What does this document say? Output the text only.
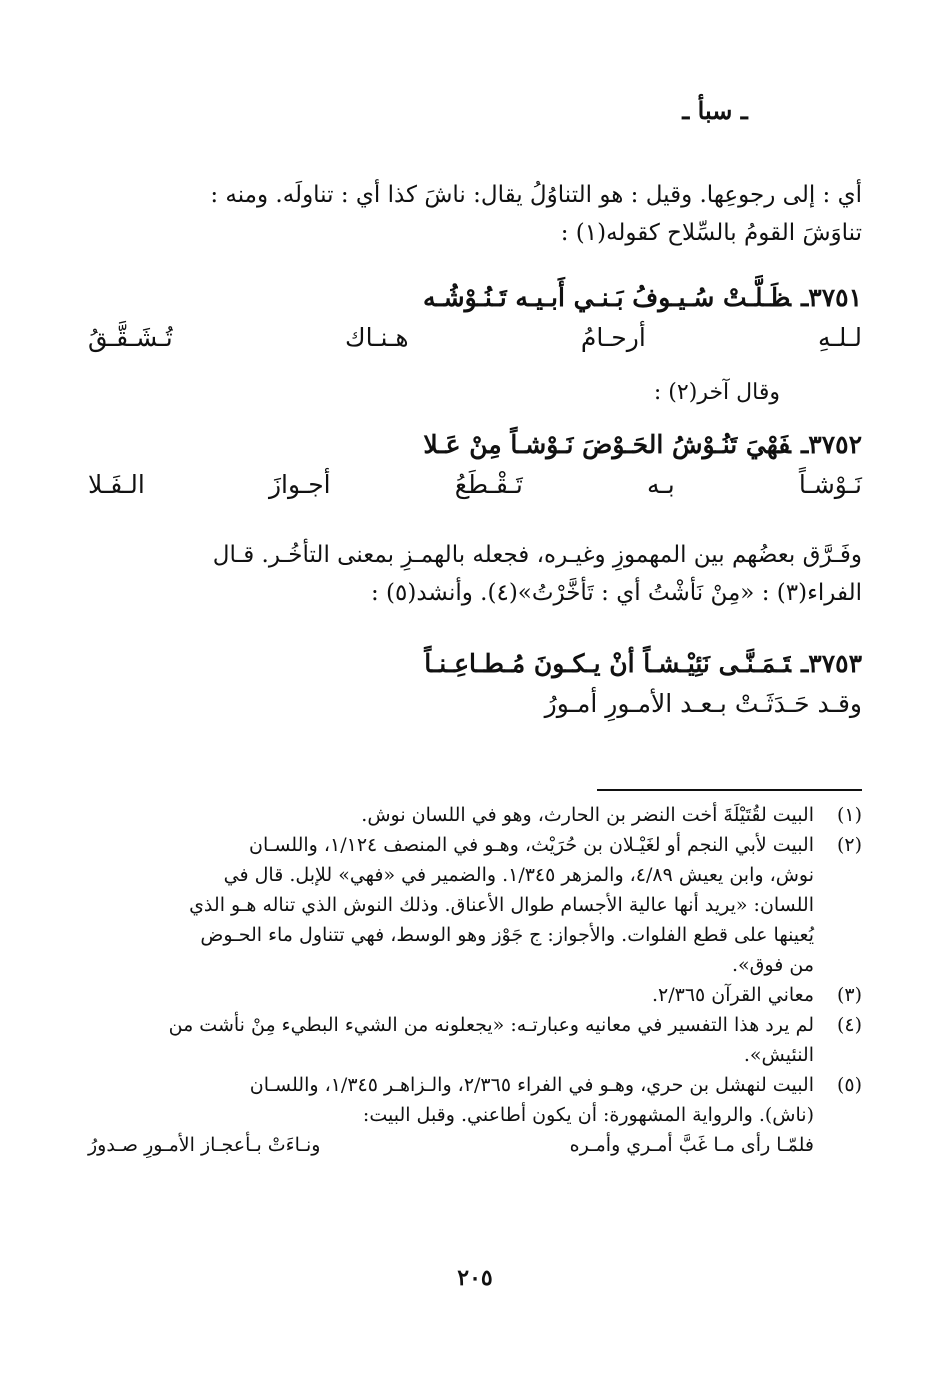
ـ سبأ ـ
أي : إلى رجوعِها. وقيل : هو التناوُلُ يقال: ناشَ كذا أي : تناولَه. ومنه :
تناوَشَ القومُ بالسِّلاح كقوله(١) :
٣٧٥١ـظَـلَّـتْ سُـيـوفُ بَـنـي أَبـيـه تَـنُـوْشُـه
لـلـهِ أرحـامُ هـنـاك تُـشَـقَّـقُ
وقال آخر(٢) :
٣٧٥٢ـفَهْيَ تَنُـوْشُ الحَـوْضَ نَـوْشـاً مِنْ عَـلا
نَـوْشـاً بـه تَـقْـطَعُ أجـوازَ الـفَـلا
وفَـرَّق بعضُهم بين المهموزِ وغيـره، فجعله بالهمـزِ بمعنى التأخُـر. قـال
الفراء(٣) : «مِنْ نَأشْتُ أي : تَأخَّرْتُ»(٤). وأنشد(٥) :
٣٧٥٣ـتَـمَـنَّـى نَئِيْـشـاً أنْ يـكـونَ مُـطـاعِـنـاً
وقـد حَـدَثَـتْ بـعـد الأمـورِ أمـورُ
(١)
البيت لقُتَيْلَةَ أخت النضر بن الحارث، وهو في اللسان نوش.
(٢)
البيت لأبي النجم أو لغَيْـلان بن حُرَيْث، وهـو في المنصف ١/١٢٤، واللسـان
نوش، وابن يعيش ٤/٨٩، والمزهر ١/٣٤٥. والضمير في «فهي» للإبل. قال في
اللسان: «يريد أنها عالية الأجسام طوال الأعناق. وذلك النوش الذي تناله هـو الذي
يُعينها على قطع الفلوات. والأجواز: ج جَوْز وهو الوسط، فهي تتناول ماء الحـوض
من فوق».
(٣)
معاني القرآن ٢/٣٦٥.
(٤)
لم يرد هذا التفسير في معانيه وعبارتـه: «يجعلونه من الشيء البطيء مِنْ نأشت من
النئيش».
(٥)
البيت لنهشل بن حري، وهـو في الفراء ٢/٣٦٥، والـزاهـر ١/٣٤٥، واللسـان
(ناش). والرواية المشهورة: أن يكون أطاعني. وقبل البيت:
فلمّـا رأى مـا غَبَّ أمـري وأمـره
ونـاءَتْ بـأعجـاز الأمـورِ صـدورُ
٢٠٥
